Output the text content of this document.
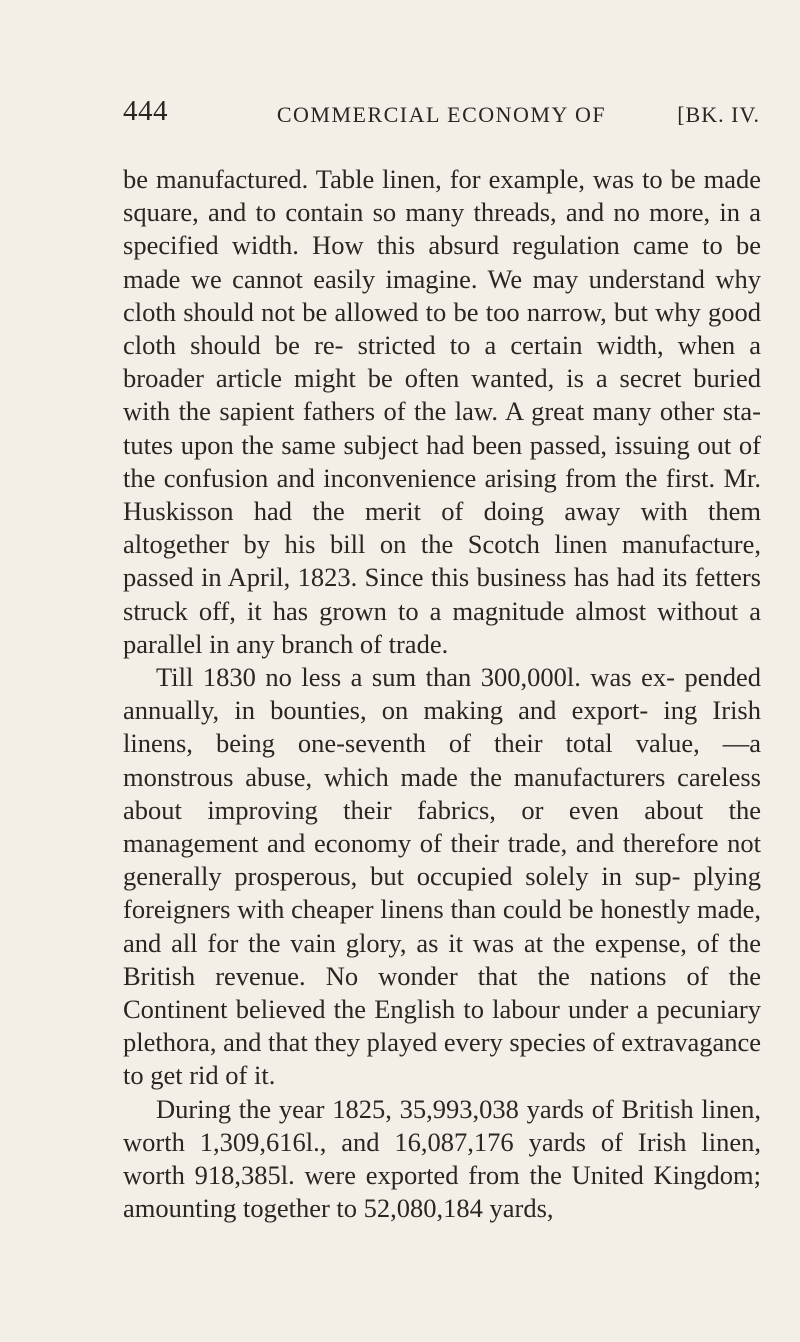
444	COMMERCIAL ECONOMY OF	[BK. IV.

be manufactured. Table linen, for example, was to be made square, and to contain so many threads, and no more, in a specified width. How this absurd regulation came to be made we cannot easily imagine. We may understand why cloth should not be allowed to be too narrow, but why good cloth should be re- stricted to a certain width, when a broader article might be often wanted, is a secret buried with the sapient fathers of the law. A great many other sta- tutes upon the same subject had been passed, issuing out of the confusion and inconvenience arising from the first. Mr. Huskisson had the merit of doing away with them altogether by his bill on the Scotch linen manufacture, passed in April, 1823. Since this business has had its fetters struck off, it has grown to a magnitude almost without a parallel in any branch of trade.

Till 1830 no less a sum than 300,000l. was ex- pended annually, in bounties, on making and export- ing Irish linens, being one-seventh of their total value, —a monstrous abuse, which made the manufacturers careless about improving their fabrics, or even about the management and economy of their trade, and therefore not generally prosperous, but occupied solely in sup- plying foreigners with cheaper linens than could be honestly made, and all for the vain glory, as it was at the expense, of the British revenue. No wonder that the nations of the Continent believed the English to labour under a pecuniary plethora, and that they played every species of extravagance to get rid of it.

During the year 1825, 35,993,038 yards of British linen, worth 1,309,616l., and 16,087,176 yards of Irish linen, worth 918,385l. were exported from the United Kingdom; amounting together to 52,080,184 yards,
